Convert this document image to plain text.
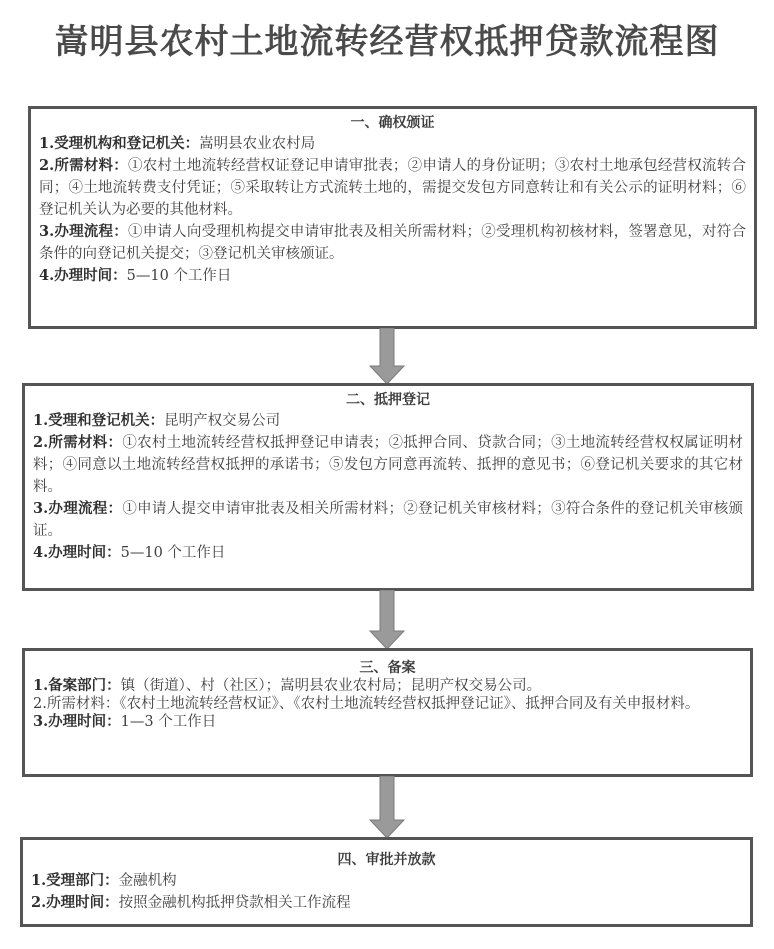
嵩明县农村土地流转经营权抵押贷款流程图
一、确权颁证
1.受理机构和登记机关：嵩明县农业农村局
2.所需材料：①农村土地流转经营权证登记申请审批表；②申请人的身份证明；③农村土地承包经营权流转合同；④土地流转费支付凭证；⑤采取转让方式流转土地的，需提交发包方同意转让和有关公示的证明材料；⑥登记机关认为必要的其他材料。
3.办理流程：①申请人向受理机构提交申请审批表及相关所需材料；②受理机构初核材料，签署意见，对符合条件的向登记机关提交；③登记机关审核颁证。
4.办理时间：5—10 个工作日
二、抵押登记
1.受理和登记机关：昆明产权交易公司
2.所需材料：①农村土地流转经营权抵押登记申请表；②抵押合同、贷款合同；③土地流转经营权权属证明材料；④同意以土地流转经营权抵押的承诺书；⑤发包方同意再流转、抵押的意见书；⑥登记机关要求的其它材料。
3.办理流程：①申请人提交申请审批表及相关所需材料；②登记机关审核材料；③符合条件的登记机关审核颁证。
4.办理时间：5—10 个工作日
三、备案
1.备案部门：镇（街道）、村（社区）；嵩明县农业农村局；昆明产权交易公司。
2.所需材料：《农村土地流转经营权证》、《农村土地流转经营权抵押登记证》、抵押合同及有关申报材料。
3.办理时间：1—3 个工作日
四、审批并放款
1.受理部门：金融机构
2.办理时间：按照金融机构抵押贷款相关工作流程
